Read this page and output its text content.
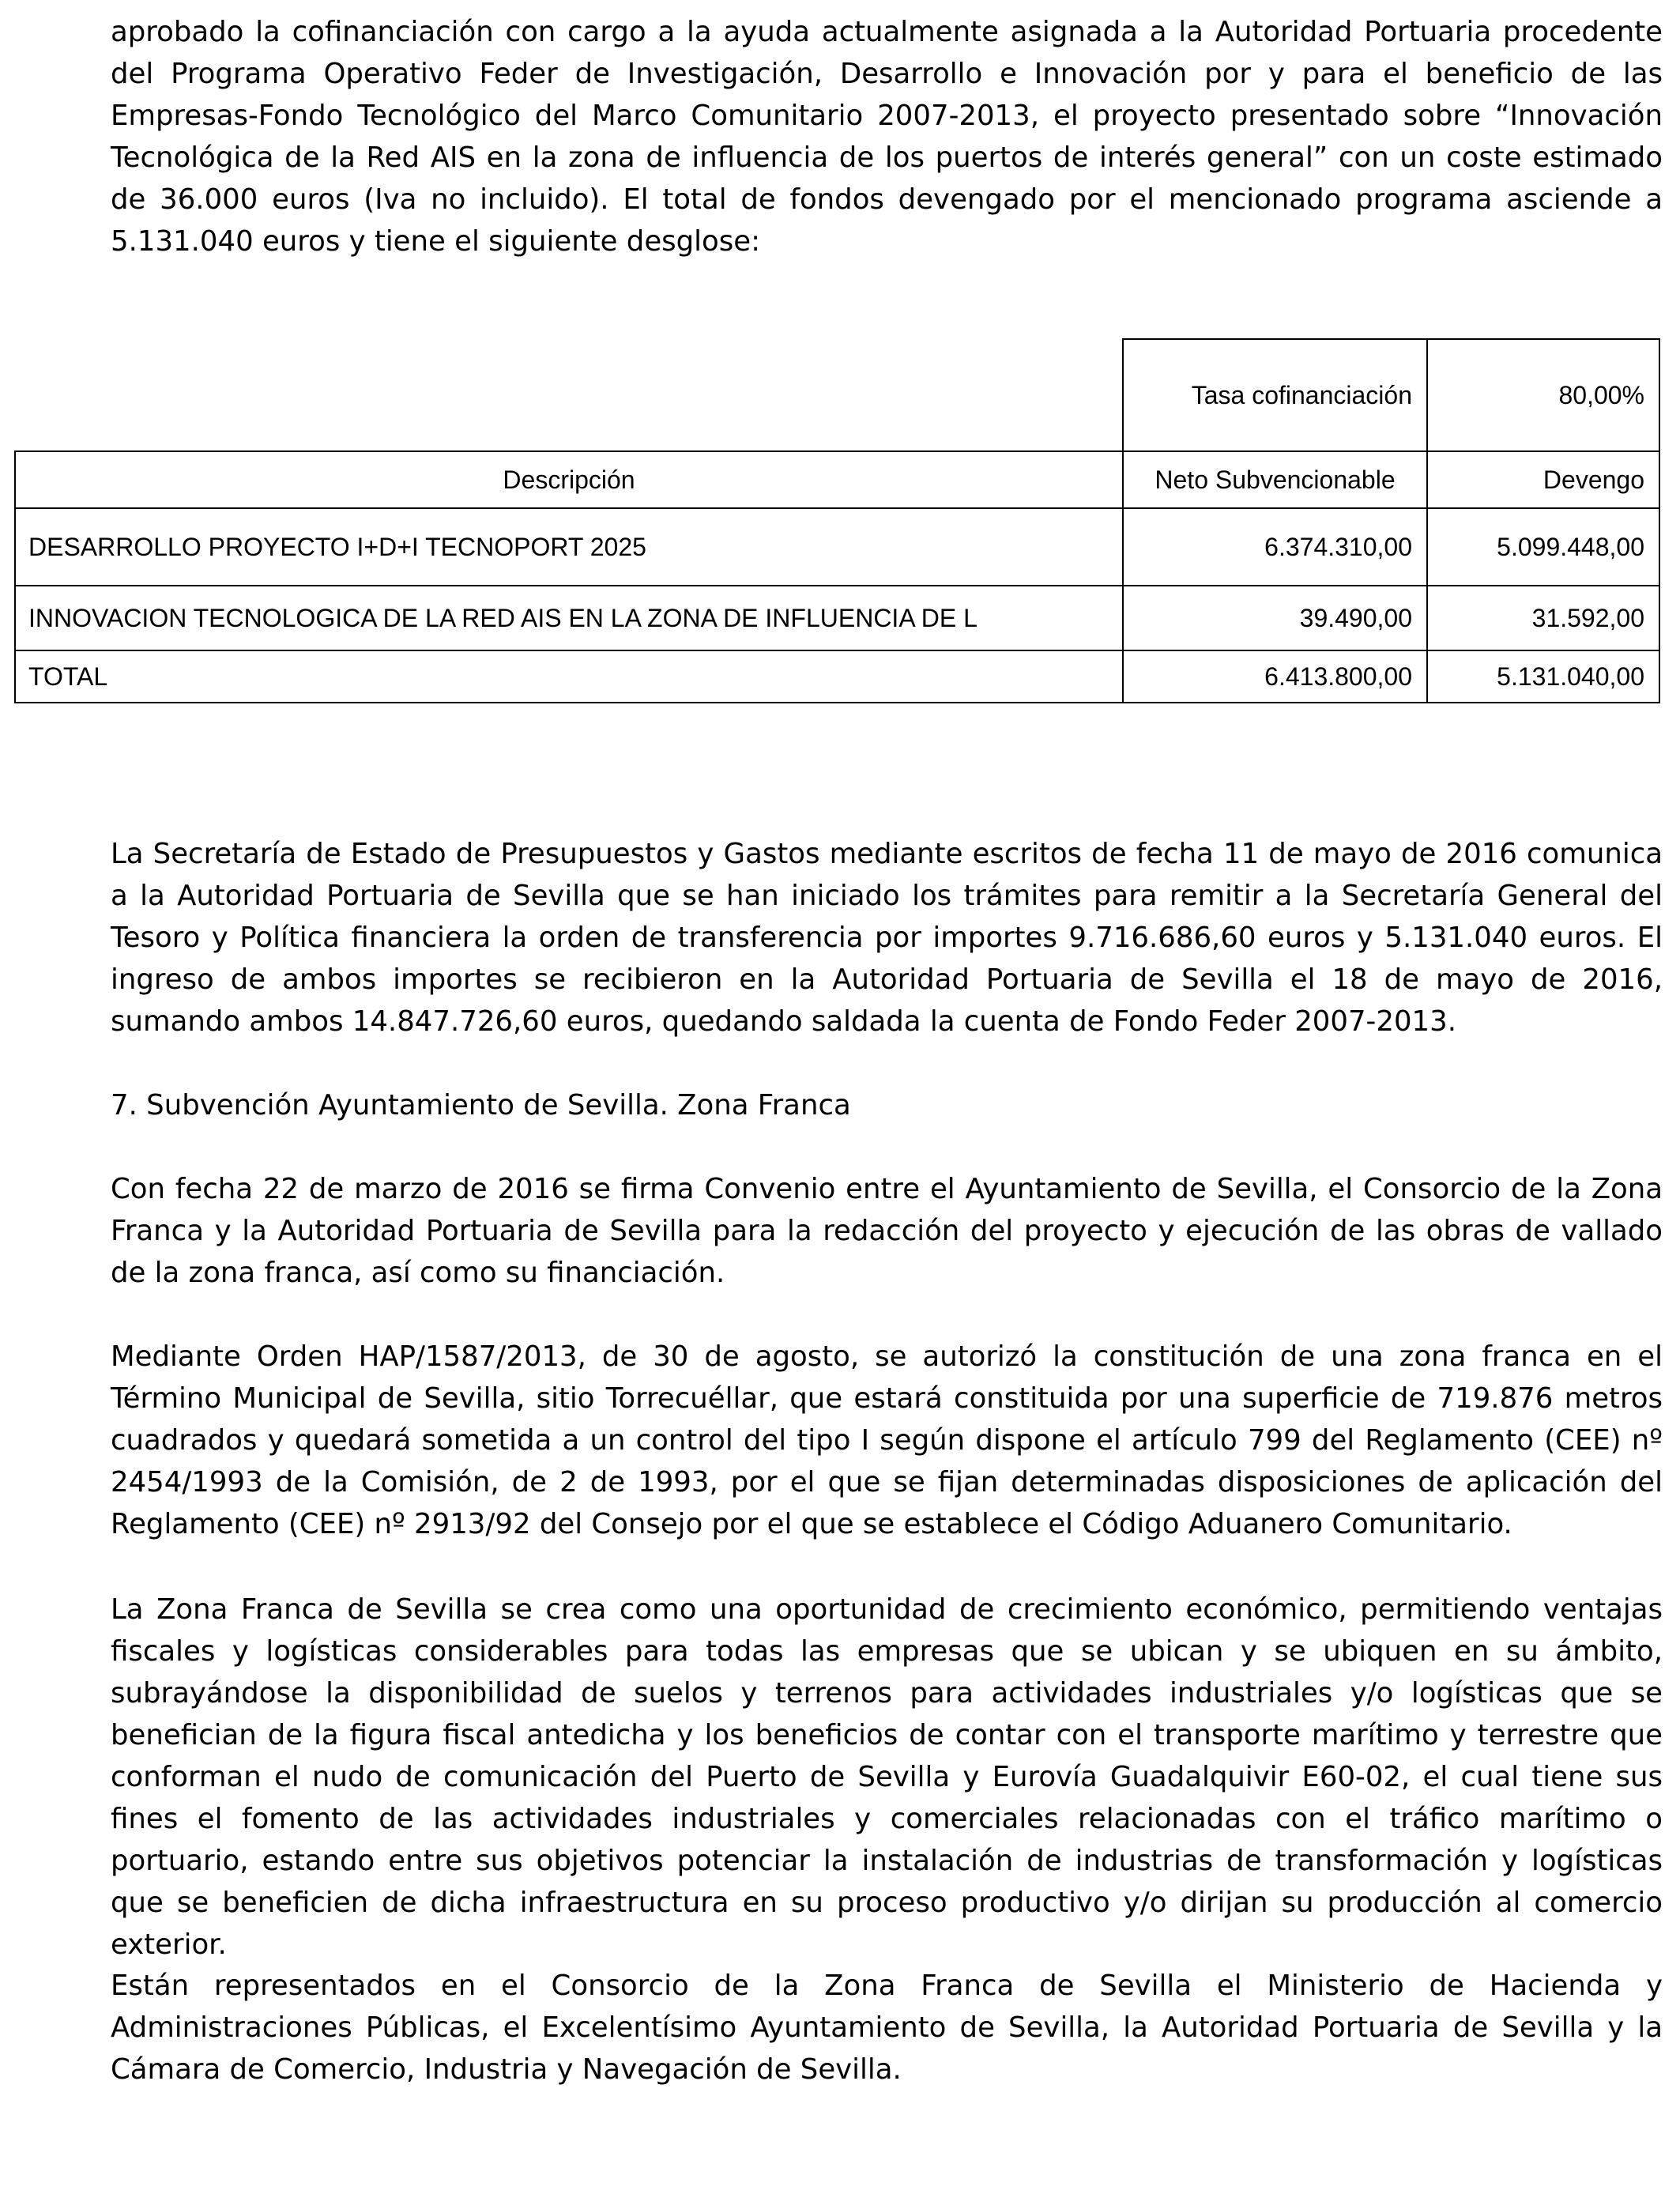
aprobado la cofinanciación con cargo a la ayuda actualmente asignada a la Autoridad Portuaria procedente del Programa Operativo Feder de Investigación, Desarrollo e Innovación por y para el beneficio de las Empresas-Fondo Tecnológico del Marco Comunitario 2007-2013, el proyecto presentado sobre “Innovación Tecnológica de la Red AIS en la zona de influencia de los puertos de interés general” con un coste estimado de 36.000 euros (Iva no incluido). El total de fondos devengado por el mencionado programa asciende a 5.131.040 euros y tiene el siguiente desglose:

Tasa cofinanciación	80,00%
Descripción	Neto Subvencionable	Devengo
DESARROLLO PROYECTO I+D+I TECNOPORT 2025	6.374.310,00	5.099.448,00
INNOVACION TECNOLOGICA DE LA RED AIS EN LA ZONA DE INFLUENCIA DE L	39.490,00	31.592,00
TOTAL	6.413.800,00	5.131.040,00

La Secretaría de Estado de Presupuestos y Gastos mediante escritos de fecha 11 de mayo de 2016 comunica a la Autoridad Portuaria de Sevilla que se han iniciado los trámites para remitir a la Secretaría General del Tesoro y Política financiera la orden de transferencia por importes 9.716.686,60 euros y 5.131.040 euros. El ingreso de ambos importes se recibieron en la Autoridad Portuaria de Sevilla el 18 de mayo de 2016, sumando ambos 14.847.726,60 euros, quedando saldada la cuenta de Fondo Feder 2007-2013.

7. Subvención Ayuntamiento de Sevilla. Zona Franca

Con fecha 22 de marzo de 2016 se firma Convenio entre el Ayuntamiento de Sevilla, el Consorcio de la Zona Franca y la Autoridad Portuaria de Sevilla para la redacción del proyecto y ejecución de las obras de vallado de la zona franca, así como su financiación.

Mediante Orden HAP/1587/2013, de 30 de agosto, se autorizó la constitución de una zona franca en el Término Municipal de Sevilla, sitio Torrecuéllar, que estará constituida por una superficie de 719.876 metros cuadrados y quedará sometida a un control del tipo I según dispone el artículo 799 del Reglamento (CEE) nº 2454/1993 de la Comisión, de 2 de 1993, por el que se fijan determinadas disposiciones de aplicación del Reglamento (CEE) nº 2913/92 del Consejo por el que se establece el Código Aduanero Comunitario.

La Zona Franca de Sevilla se crea como una oportunidad de crecimiento económico, permitiendo ventajas fiscales y logísticas considerables para todas las empresas que se ubican y se ubiquen en su ámbito, subrayándose la disponibilidad de suelos y terrenos para actividades industriales y/o logísticas que se benefician de la figura fiscal antedicha y los beneficios de contar con el transporte marítimo y terrestre que conforman el nudo de comunicación del Puerto de Sevilla y Eurovía Guadalquivir E60-02, el cual tiene sus fines el fomento de las actividades industriales y comerciales relacionadas con el tráfico marítimo o portuario, estando entre sus objetivos potenciar la instalación de industrias de transformación y logísticas que se beneficien de dicha infraestructura en su proceso productivo y/o dirijan su producción al comercio exterior.

Están representados en el Consorcio de la Zona Franca de Sevilla el Ministerio de Hacienda y Administraciones Públicas, el Excelentísimo Ayuntamiento de Sevilla, la Autoridad Portuaria de Sevilla y la Cámara de Comercio, Industria y Navegación de Sevilla.
